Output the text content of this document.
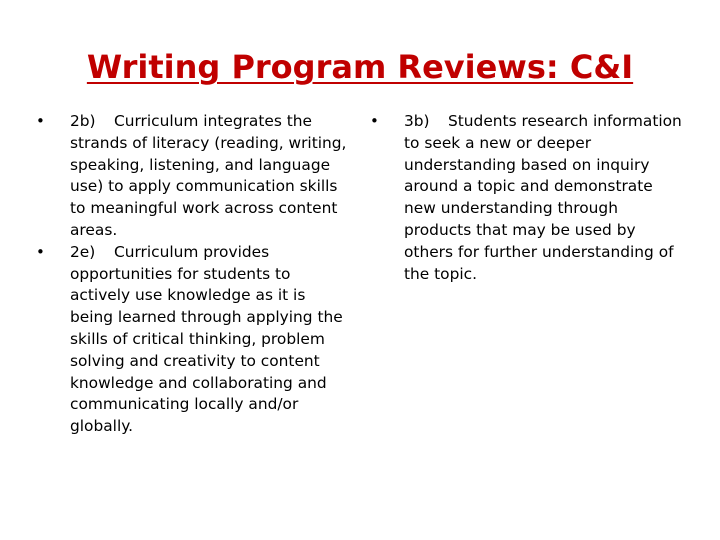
Writing Program Reviews: C&I
•	2b) Curriculum integrates the strands of literacy (reading, writing, speaking, listening, and language use) to apply communication skills to meaningful work across content areas.
•	2e) Curriculum provides opportunities for students to actively use knowledge as it is being learned through applying the skills of critical thinking, problem solving and creativity to content knowledge and collaborating and communicating locally and/or globally.
•	3b) Students research information to seek a new or deeper understanding based on inquiry around a topic and demonstrate new understanding through products that may be used by others for further understanding of the topic.
